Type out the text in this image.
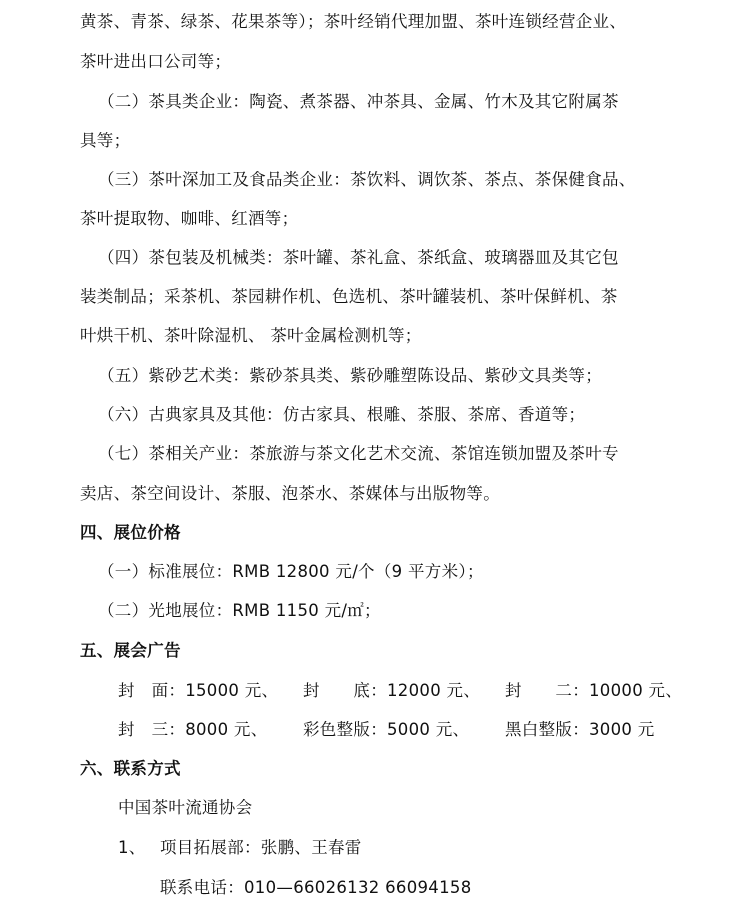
黄茶、青茶、绿茶、花果茶等）；茶叶经销代理加盟、茶叶连锁经营企业、
茶叶进出口公司等；
（二）茶具类企业：陶瓷、煮茶器、冲茶具、金属、竹木及其它附属茶
具等；
（三）茶叶深加工及食品类企业：茶饮料、调饮茶、茶点、茶保健食品、
茶叶提取物、咖啡、红酒等；
（四）茶包装及机械类：茶叶罐、茶礼盒、茶纸盒、玻璃器皿及其它包
装类制品；采茶机、茶园耕作机、色选机、茶叶罐装机、茶叶保鲜机、茶
叶烘干机、茶叶除湿机、 茶叶金属检测机等；
（五）紫砂艺术类：紫砂茶具类、紫砂雕塑陈设品、紫砂文具类等；
（六）古典家具及其他：仿古家具、根雕、茶服、茶席、香道等；
（七）茶相关产业：茶旅游与茶文化艺术交流、茶馆连锁加盟及茶叶专
卖店、茶空间设计、茶服、泡茶水、茶媒体与出版物等。
四、展位价格
（一）标准展位：RMB 12800 元/个（9 平方米）；
（二）光地展位：RMB 1150 元/㎡；
五、展会广告
封　面：15000 元、 封　　底：12000 元、 封　　二：10000 元、
封　三：8000 元、 彩色整版：5000 元、 黑白整版：3000 元
六、联系方式
中国茶叶流通协会
1、 项目拓展部：张鹏、王春雷
联系电话：010—66026132 66094158
